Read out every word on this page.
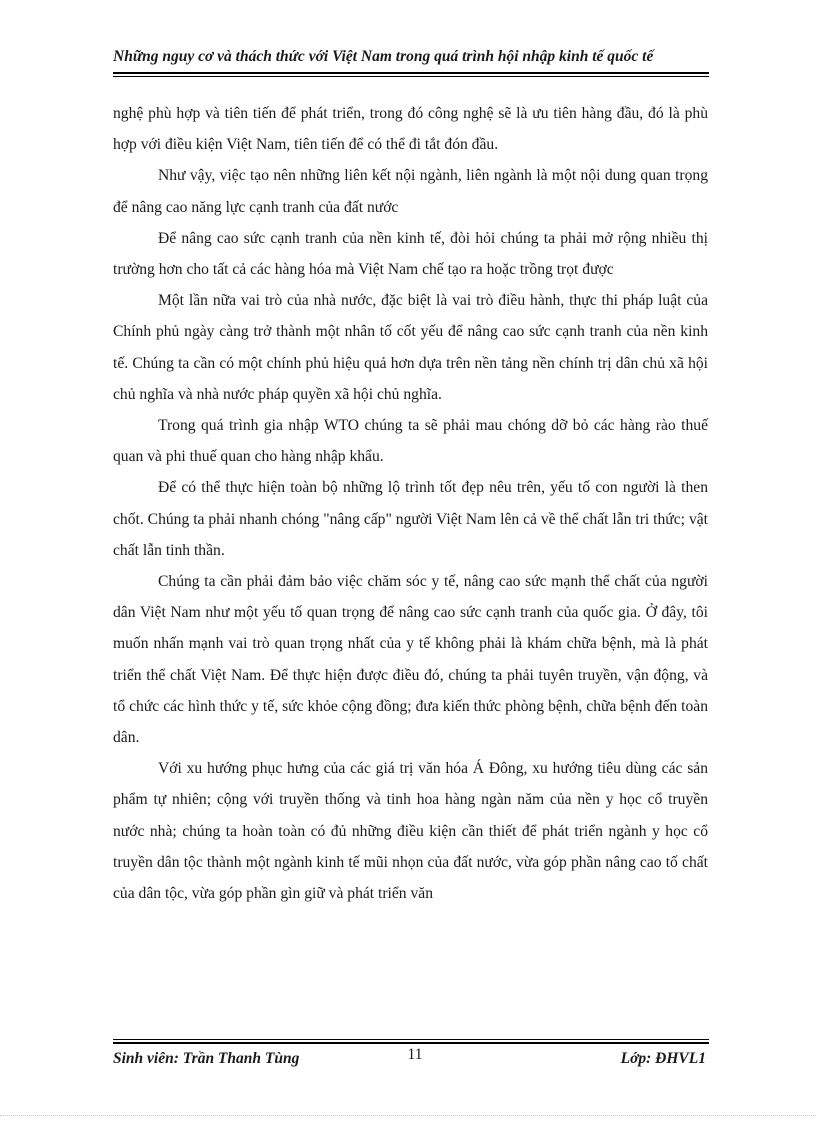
Những nguy cơ và thách thức với Việt Nam trong quá trình hội nhập kinh tế quốc tế

nghệ phù hợp và tiên tiến để phát triển, trong đó công nghệ sẽ là ưu tiên hàng đầu, đó là phù hợp với điều kiện Việt Nam, tiên tiến để có thể đi tắt đón đầu.

Như vậy, việc tạo nên những liên kết nội ngành, liên ngành là một nội dung quan trọng để nâng cao năng lực cạnh tranh của đất nước

Để nâng cao sức cạnh tranh của nền kinh tế, đòi hỏi chúng ta phải mở rộng nhiều thị trường hơn cho tất cả các hàng hóa mà Việt Nam chế tạo ra hoặc trồng trọt được

Một lần nữa vai trò của nhà nước, đặc biệt là vai trò điều hành, thực thi pháp luật của Chính phủ ngày càng trở thành một nhân tố cốt yếu để nâng cao sức cạnh tranh của nền kinh tế. Chúng ta cần có một chính phủ hiệu quả hơn dựa trên nền tảng nền chính trị dân chủ xã hội chủ nghĩa và nhà nước pháp quyền xã hội chủ nghĩa.

Trong quá trình gia nhập WTO chúng ta sẽ phải mau chóng dỡ bỏ các hàng rào thuế quan và phi thuế quan cho hàng nhập khẩu.

Để có thể thực hiện toàn bộ những lộ trình tốt đẹp nêu trên, yếu tố con người là then chốt. Chúng ta phải nhanh chóng "nâng cấp" người Việt Nam lên cả về thể chất lẫn tri thức; vật chất lẫn tinh thần.

Chúng ta cần phải đảm bảo việc chăm sóc y tế, nâng cao sức mạnh thể chất của người dân Việt Nam như một yếu tố quan trọng để nâng cao sức cạnh tranh của quốc gia. Ở đây, tôi muốn nhấn mạnh vai trò quan trọng nhất của y tế không phải là khám chữa bệnh, mà là phát triển thể chất Việt Nam. Để thực hiện được điều đó, chúng ta phải tuyên truyền, vận động, và tổ chức các hình thức y tế, sức khỏe cộng đồng; đưa kiến thức phòng bệnh, chữa bệnh đến toàn dân.

Với xu hướng phục hưng của các giá trị văn hóa Á Đông, xu hướng tiêu dùng các sản phẩm tự nhiên; cộng với truyền thống và tinh hoa hàng ngàn năm của nền y học cổ truyền nước nhà; chúng ta hoàn toàn có đủ những điều kiện cần thiết để phát triển ngành y học cổ truyền dân tộc thành một ngành kinh tế mũi nhọn của đất nước, vừa góp phần nâng cao tố chất của dân tộc, vừa góp phần gìn giữ và phát triển văn

Sinh viên: Trần Thanh Tùng	11	Lớp: ĐHVL1
